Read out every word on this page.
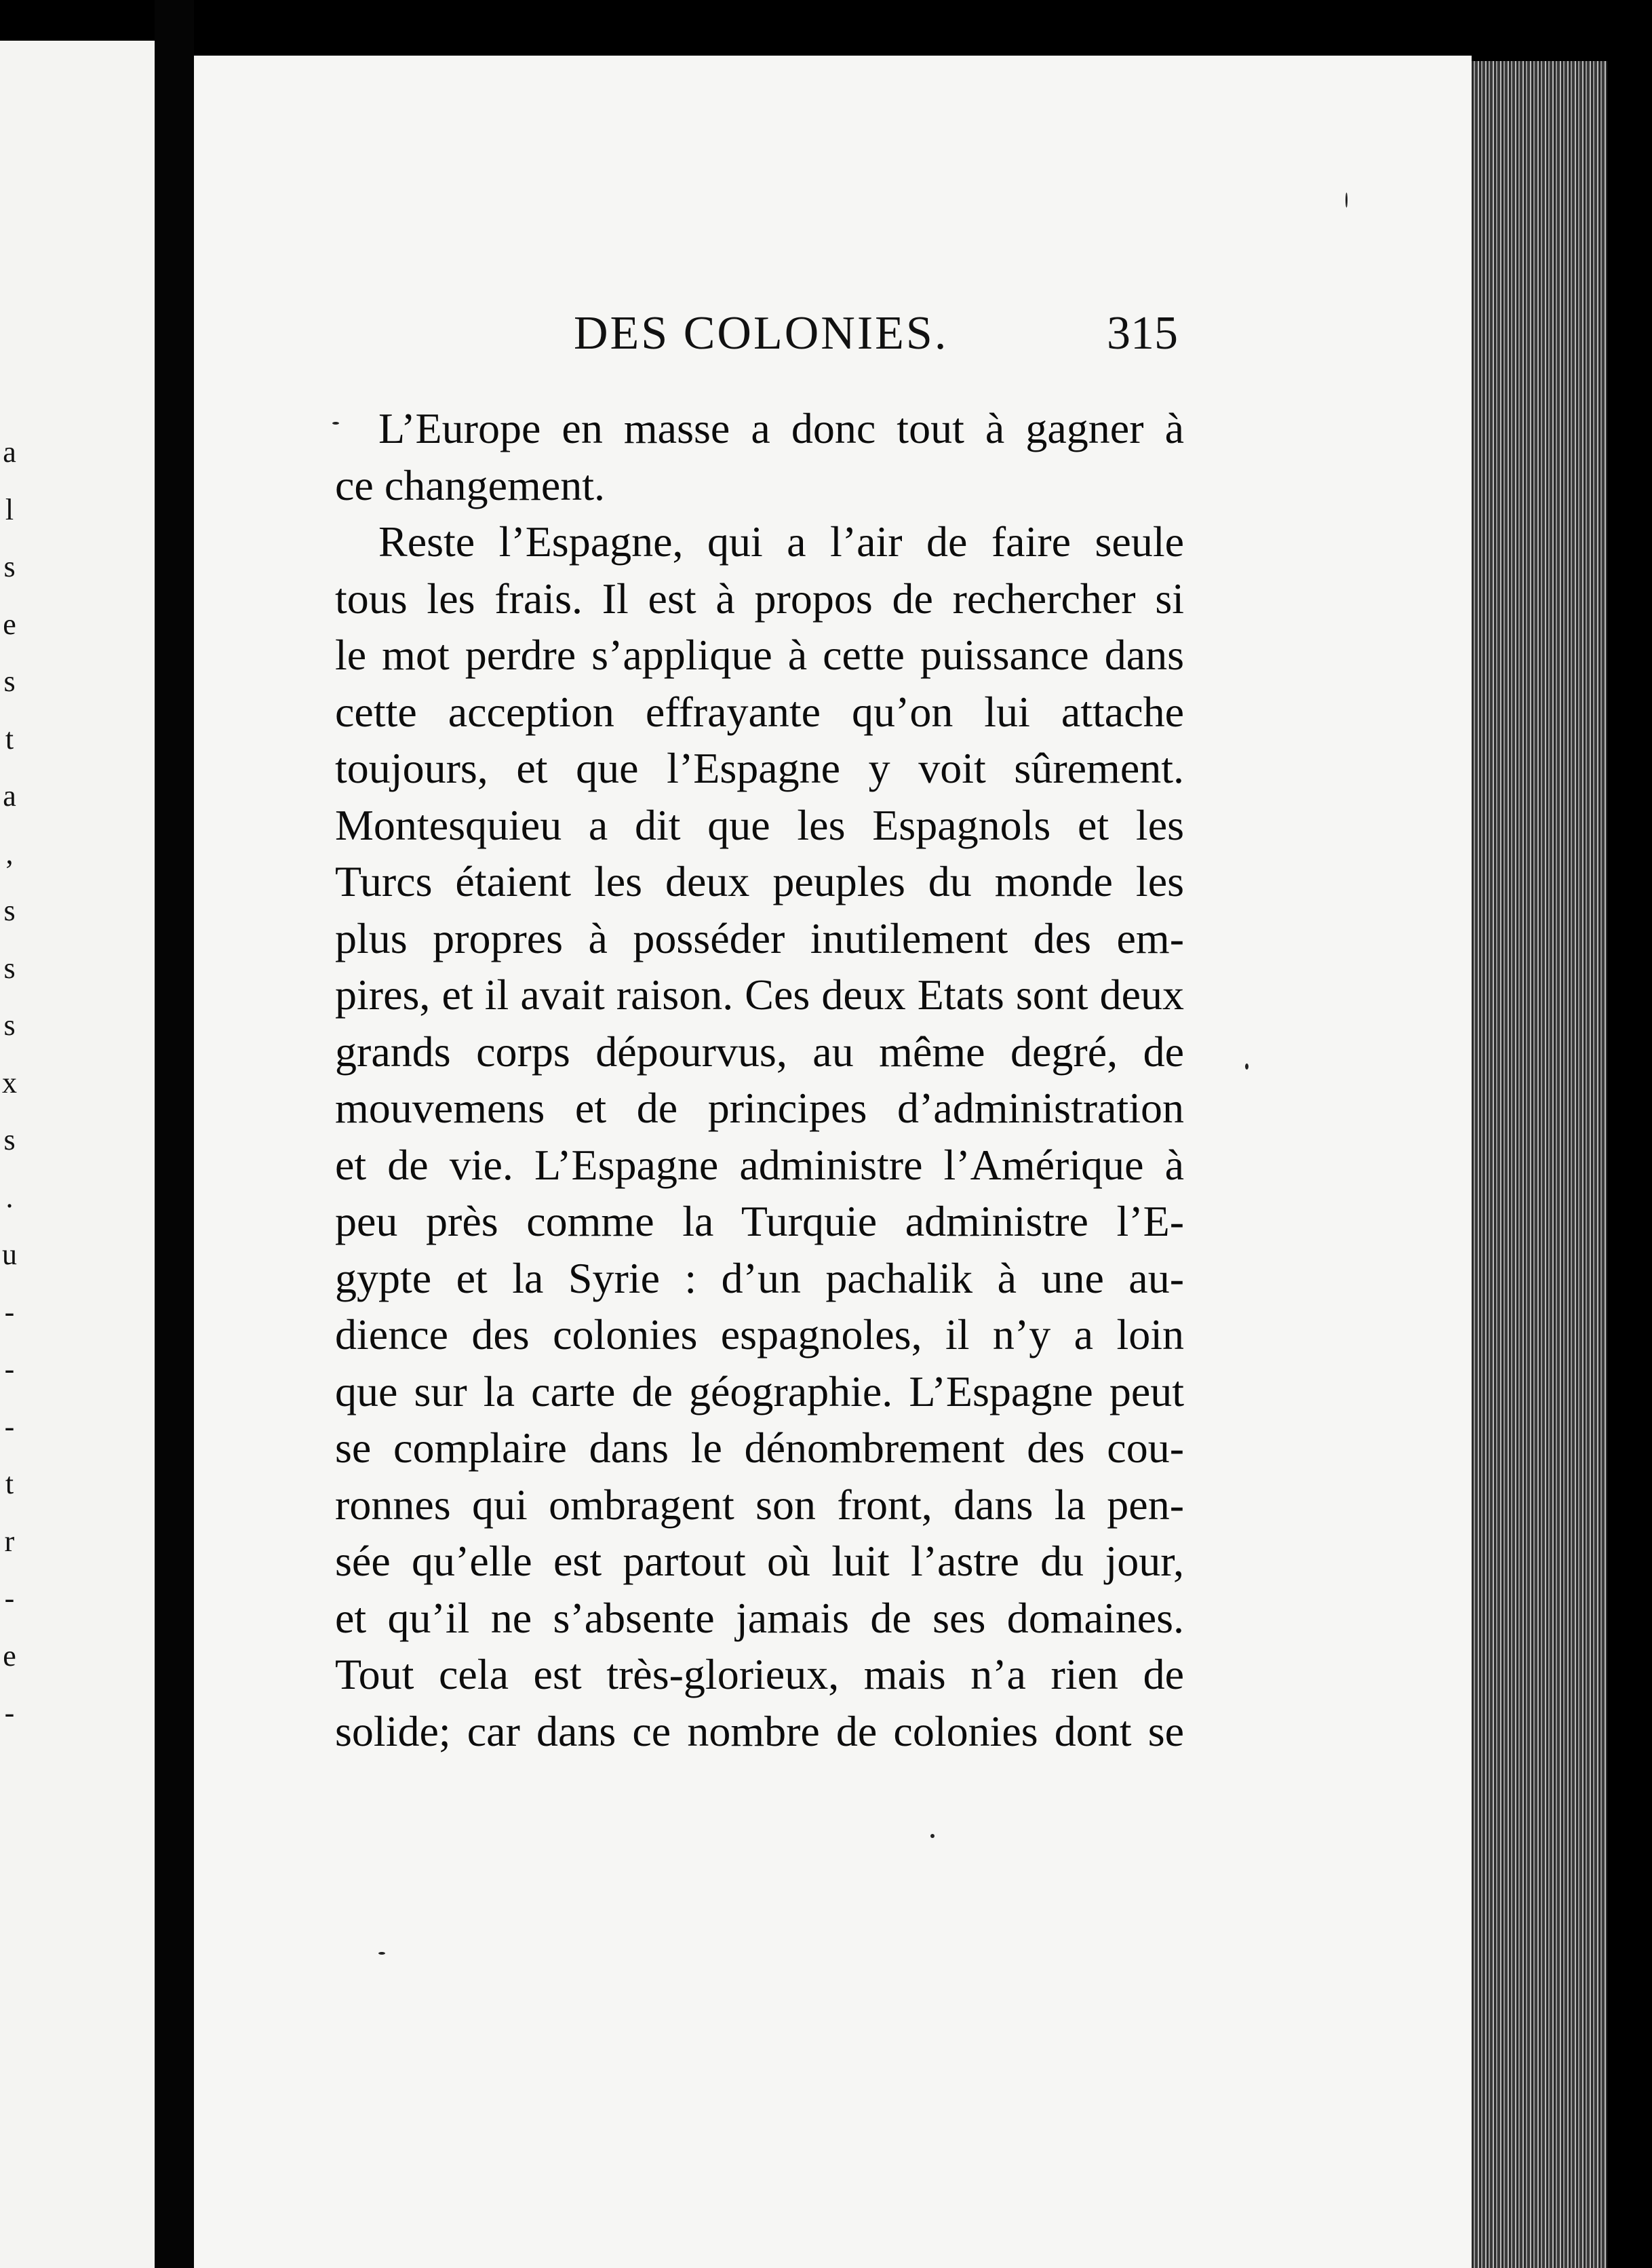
a
l
s
e
s
t
a
,
s
s
s
x
s
.
u
-
-
-
t
r
-
e
-
DES COLONIES.	315
L’Europe en masse a donc tout à gagner à
ce changement.
Reste l’Espagne, qui a l’air de faire seule
tous les frais. Il est à propos de rechercher si
le mot perdre s’applique à cette puissance dans
cette acception effrayante qu’on lui attache
toujours, et que l’Espagne y voit sûrement.
Montesquieu a dit que les Espagnols et les
Turcs étaient les deux peuples du monde les
plus propres à posséder inutilement des em-
pires, et il avait raison. Ces deux Etats sont deux
grands corps dépourvus, au même degré, de
mouvemens et de principes d’administration
et de vie. L’Espagne administre l’Amérique à
peu près comme la Turquie administre l’E-
gypte et la Syrie : d’un pachalik à une au-
dience des colonies espagnoles, il n’y a loin
que sur la carte de géographie. L’Espagne peut
se complaire dans le dénombrement des cou-
ronnes qui ombragent son front, dans la pen-
sée qu’elle est partout où luit l’astre du jour,
et qu’il ne s’absente jamais de ses domaines.
Tout cela est très-glorieux, mais n’a rien de
solide; car dans ce nombre de colonies dont se
